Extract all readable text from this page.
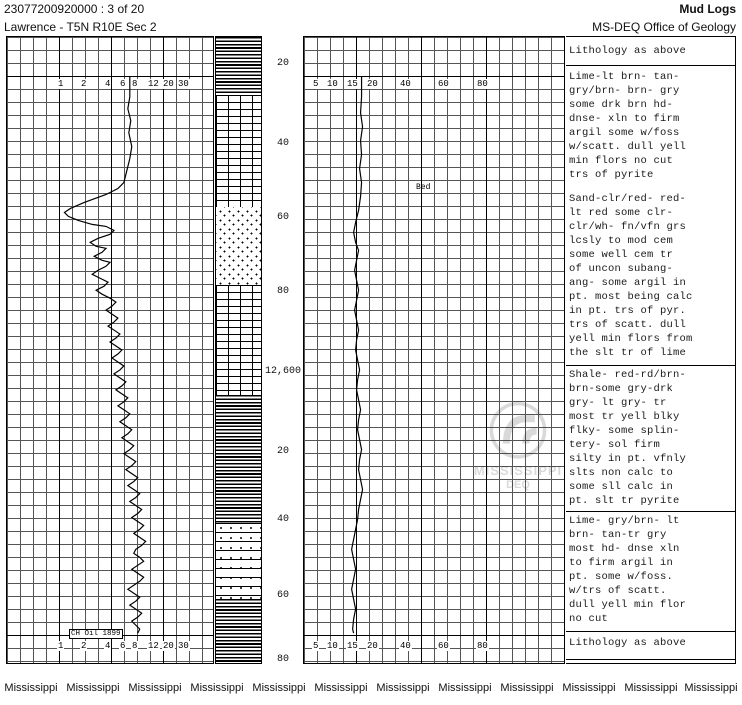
23077200920000 : 3 of 20
Lawrence - T5N R10E Sec 2
Mud Logs
MS-DEQ Office of Geology
1 2 4 6 8 12 20 30
1 2 4 6 8 12 20 30
CH Oil 1899
20
40
60
80
12,600
20
40
60
80
5 10 15 20 40	60	80
5 10 15 20 40	60	80
Bed
Lithology as above
Lime-lt brn- tan-
gry/brn- brn- gry
some drk brn hd-
dnse- xln to firm
argil some w/foss
w/scatt. dull yell
min flors no cut
trs of pyrite
Sand-clr/red- red-
lt red some clr-
clr/wh- fn/vfn grs
lcsly to mod cem
some well cem tr
of uncon subang-
ang- some argil in
pt. most being calc
in pt. trs of pyr.
trs of scatt. dull
yell min flors from
the slt tr of lime
Shale- red-rd/brn-
brn-some gry-drk
gry- lt gry- tr
most tr yell blky
flky- some splin-
tery- sol firm
silty in pt. vfnly
slts non calc to
some sll calc in
pt. slt tr pyrite
Lime- gry/brn- lt
brn- tan-tr gry
most hd- dnse xln
to firm argil in
pt. some w/foss.
w/trs of scatt.
dull yell min flor
no cut
Lithology as above
Mississippi Mississippi Mississippi Mississippi Mississippi Mississippi Mississippi Mississippi Mississippi Mississippi Mississippi Mississippi
